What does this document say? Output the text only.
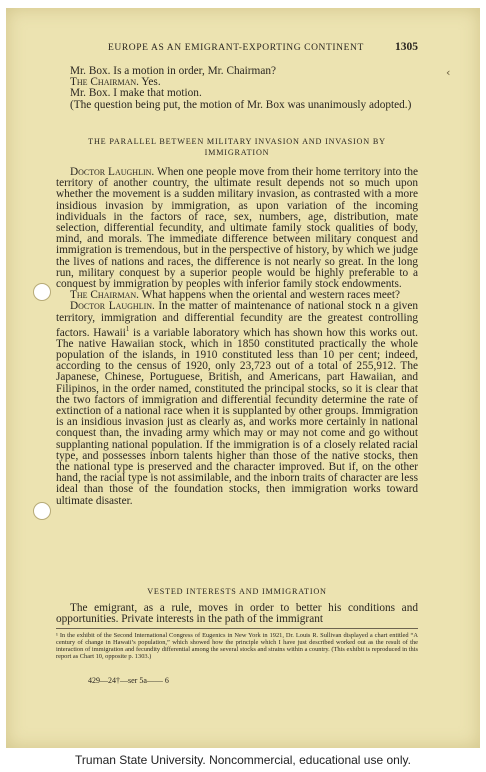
‹
EUROPE AS AN EMIGRANT-EXPORTING CONTINENT	1305

Mr. Box. Is a motion in order, Mr. Chairman?

The Chairman. Yes.

Mr. Box. I make that motion.

(The question being put, the motion of Mr. Box was unanimously adopted.)

THE PARALLEL BETWEEN MILITARY INVASION AND INVASION BY IMMIGRATION

Doctor Laughlin. When one people move from their home territory into the territory of another country, the ultimate result depends not so much upon whether the movement is a sudden military invasion, as contrasted with a more insidious invasion by immigration, as upon variation of the incoming individuals in the factors of race, sex, numbers, age, distribution, mate selection, differential fecundity, and ultimate family stock qualities of body, mind, and morals. The immediate difference between military conquest and immigration is tremendous, but in the perspective of history, by which we judge the lives of nations and races, the difference is not nearly so great. In the long run, military conquest by a superior people would be highly preferable to a conquest by immigration by peoples with inferior family stock endowments.

The Chairman. What happens when the oriental and western races meet?

Doctor Laughlin. In the matter of maintenance of national stock n a given territory, immigration and differential fecundity are the greatest controlling factors. Hawaii$^1$ is a variable laboratory which has shown how this works out. The native Hawaiian stock, which in 1850 constituted practically the whole population of the islands, in 1910 constituted less than 10 per cent; indeed, according to the census of 1920, only 23,723 out of a total of 255,912. The Japanese, Chinese, Portuguese, British, and Americans, part Hawaiian, and Filipinos, in the order named, constituted the principal stocks, so it is clear that the two factors of immigration and differential fecundity determine the rate of extinction of a national race when it is supplanted by other groups. Immigration is an insidious invasion just as clearly as, and works more certainly in national conquest than, the invading army which may or may not come and go without supplanting national population. If the immigration is of a closely related racial type, and possesses inborn talents higher than those of the native stocks, then the national type is preserved and the character improved. But if, on the other hand, the racial type is not assimilable, and the inborn traits of character are less ideal than those of the foundation stocks, then immigration works toward ultimate disaster.

VESTED INTERESTS AND IMMIGRATION

The emigrant, as a rule, moves in order to better his conditions and opportunities. Private interests in the path of the immigrant

¹ In the exhibit of the Second International Congress of Eugenics in New York in 1921, Dr. Louis R. Sullivan displayed a chart entitled “A century of change in Hawaii’s population,” which showed how the principle which I have just described worked out as the result of the interaction of immigration and fecundity differential among the several stocks and strains within a country. (This exhibit is reproduced in this report as Chart 10, opposite p. 1303.)
429—24†—ser 5a—— 6
Truman State University. Noncommercial, educational use only.
